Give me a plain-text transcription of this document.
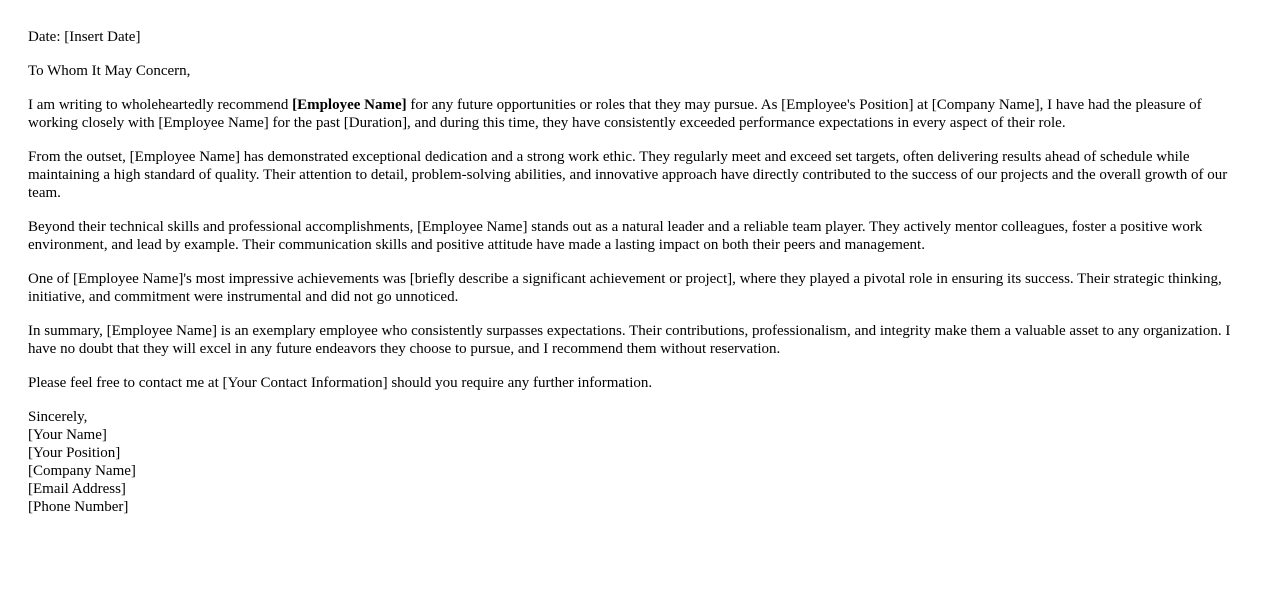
Date: [Insert Date]

To Whom It May Concern,

I am writing to wholeheartedly recommend [Employee Name] for any future opportunities or roles that they may pursue. As [Employee's Position] at [Company Name], I have had the pleasure of working closely with [Employee Name] for the past [Duration], and during this time, they have consistently exceeded performance expectations in every aspect of their role.

From the outset, [Employee Name] has demonstrated exceptional dedication and a strong work ethic. They regularly meet and exceed set targets, often delivering results ahead of schedule while maintaining a high standard of quality. Their attention to detail, problem-solving abilities, and innovative approach have directly contributed to the success of our projects and the overall growth of our team.

Beyond their technical skills and professional accomplishments, [Employee Name] stands out as a natural leader and a reliable team player. They actively mentor colleagues, foster a positive work environment, and lead by example. Their communication skills and positive attitude have made a lasting impact on both their peers and management.

One of [Employee Name]'s most impressive achievements was [briefly describe a significant achievement or project], where they played a pivotal role in ensuring its success. Their strategic thinking, initiative, and commitment were instrumental and did not go unnoticed.

In summary, [Employee Name] is an exemplary employee who consistently surpasses expectations. Their contributions, professionalism, and integrity make them a valuable asset to any organization. I have no doubt that they will excel in any future endeavors they choose to pursue, and I recommend them without reservation.

Please feel free to contact me at [Your Contact Information] should you require any further information.

Sincerely,
[Your Name]
[Your Position]
[Company Name]
[Email Address]
[Phone Number]
